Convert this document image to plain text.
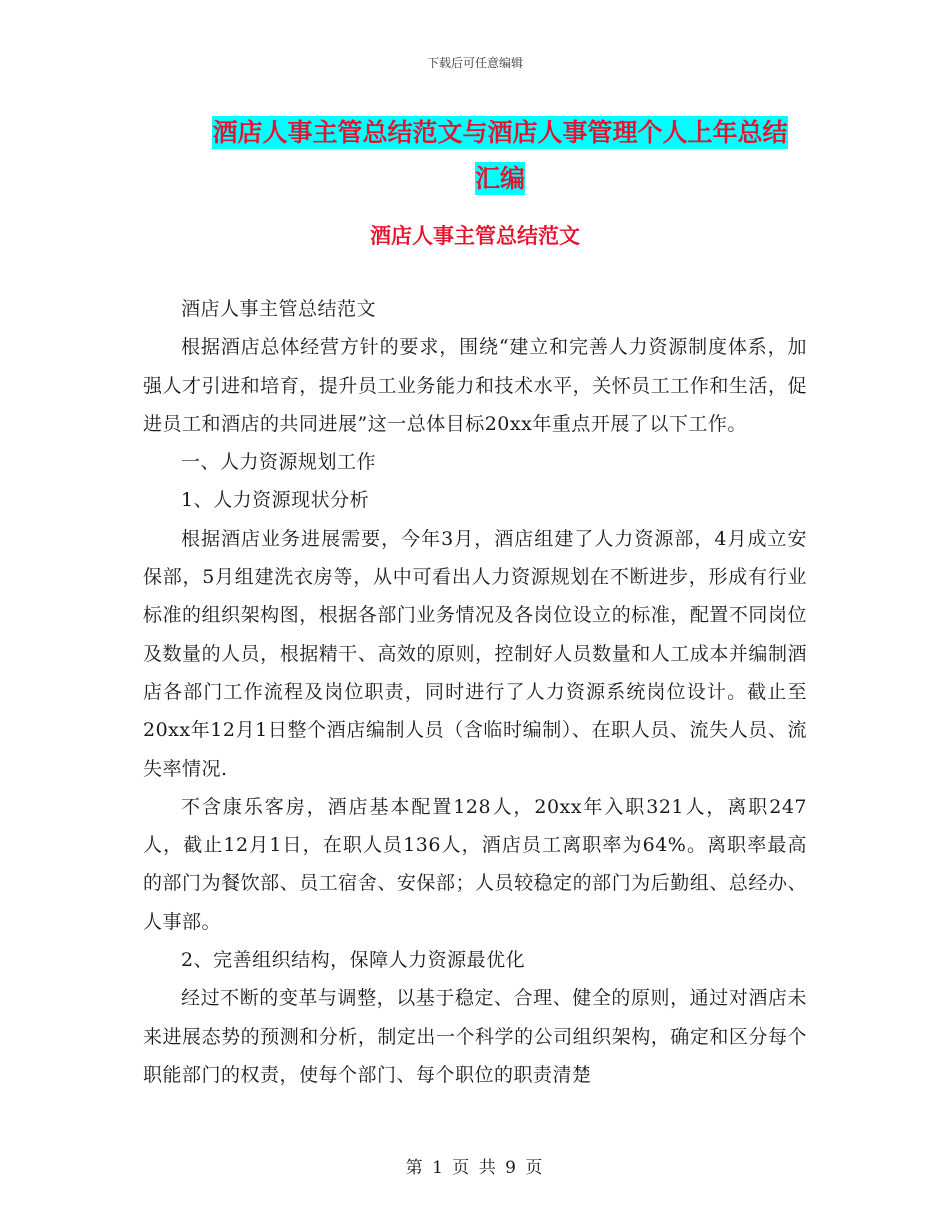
下载后可任意编辑
酒店人事主管总结范文与酒店人事管理个人上年总结
汇编
酒店人事主管总结范文

酒店人事主管总结范文

根据酒店总体经营方针的要求，围绕“建立和完善人力资源制度体系，加强人才引进和培育，提升员工业务能力和技术水平，关怀员工工作和生活，促进员工和酒店的共同进展”这一总体目标20xx年重点开展了以下工作。

一、人力资源规划工作

1、人力资源现状分析

根据酒店业务进展需要，今年3月，酒店组建了人力资源部，4月成立安保部，5月组建洗衣房等，从中可看出人力资源规划在不断进步，形成有行业标准的组织架构图，根据各部门业务情况及各岗位设立的标准，配置不同岗位及数量的人员，根据精干、高效的原则，控制好人员数量和人工成本并编制酒店各部门工作流程及岗位职责，同时进行了人力资源系统岗位设计。截止至20xx年12月1日整个酒店编制人员（含临时编制）、在职人员、流失人员、流失率情况.

不含康乐客房，酒店基本配置128人，20xx年入职321人，离职247人，截止12月1日，在职人员136人，酒店员工离职率为64%。离职率最高的部门为餐饮部、员工宿舍、安保部；人员较稳定的部门为后勤组、总经办、人事部。

2、完善组织结构，保障人力资源最优化

经过不断的变革与调整，以基于稳定、合理、健全的原则，通过对酒店未来进展态势的预测和分析，制定出一个科学的公司组织架构，确定和区分每个职能部门的权责，使每个部门、每个职位的职责清楚

第 1 页 共 9 页
